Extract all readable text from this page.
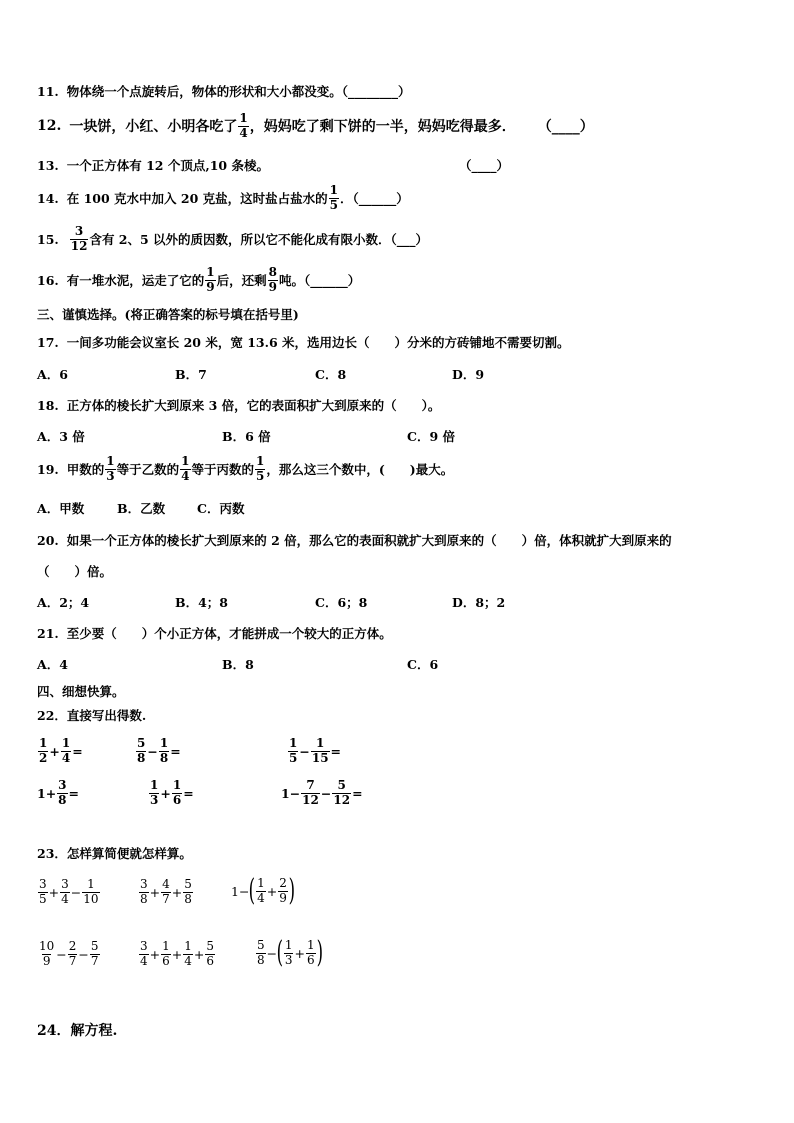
11. 物体绕一个点旋转后，物体的形状和大小都没变。（________）
12. 一块饼，小红、小明各吃了 $\frac{1}{4}$ ，妈妈吃了剩下饼的一半，妈妈吃得最多． （____）
13. 一个正方体有 12 个顶点,10 条棱。	（____）
14. 在 100 克水中加入 20 克盐，这时盐占盐水的 $\frac{1}{5}$ ．（______）
15. $\frac{3}{12}$ 含有 2、5 以外的质因数，所以它不能化成有限小数．（___）
16. 有一堆水泥，运走了它的 $\frac{1}{9}$ 后，还剩 $\frac{8}{9}$ 吨。（______）
三、谨慎选择。(将正确答案的标号填在括号里)
17. 一间多功能会议室长 20 米，宽 13.6 米，选用边长（　　）分米的方砖铺地不需要切割。
A．6	B．7	C．8	D．9
18. 正方体的棱长扩大到原来 3 倍，它的表面积扩大到原来的（　　）。
A．3 倍	B．6 倍	C．9 倍
19. 甲数的 $\frac{1}{3}$ 等于乙数的 $\frac{1}{4}$ 等于丙数的 $\frac{1}{5}$ ，那么这三个数中，(　　)最大。
A．甲数	B．乙数	C．丙数
20. 如果一个正方体的棱长扩大到原来的 2 倍，那么它的表面积就扩大到原来的（　　）倍，体积就扩大到原来的
（　　）倍。
A．2；4	B．4；8	C．6；8	D．8；2
21. 至少要（　　）个小正方体，才能拼成一个较大的正方体。
A．4	B．8	C．6
四、细想快算。
22．直接写出得数.
$\frac{1}{2} + \frac{1}{4}$ =	$\frac{5}{8} - \frac{1}{8}$ =	$\frac{1}{5} - \frac{1}{15}$ =
$1+ \frac{3}{8}$ =	$\frac{1}{3} + \frac{1}{6}$ =	$1- \frac{7}{12} - \frac{5}{12}$ =
23．怎样算简便就怎样算。
$\frac{3}{5} + \frac{3}{4} - \frac{1}{10}$	$\frac{3}{8} + \frac{4}{7} + \frac{5}{8}$	1− ( $\frac{1}{4} + \frac{2}{9}$ )
$\frac{10}{9} - \frac{2}{7} - \frac{5}{7}$	$\frac{3}{4} + \frac{1}{6} + \frac{1}{4} + \frac{5}{6}$	$\frac{5}{8}$ − ( $\frac{1}{3} + \frac{1}{6}$ )
24．解方程.
